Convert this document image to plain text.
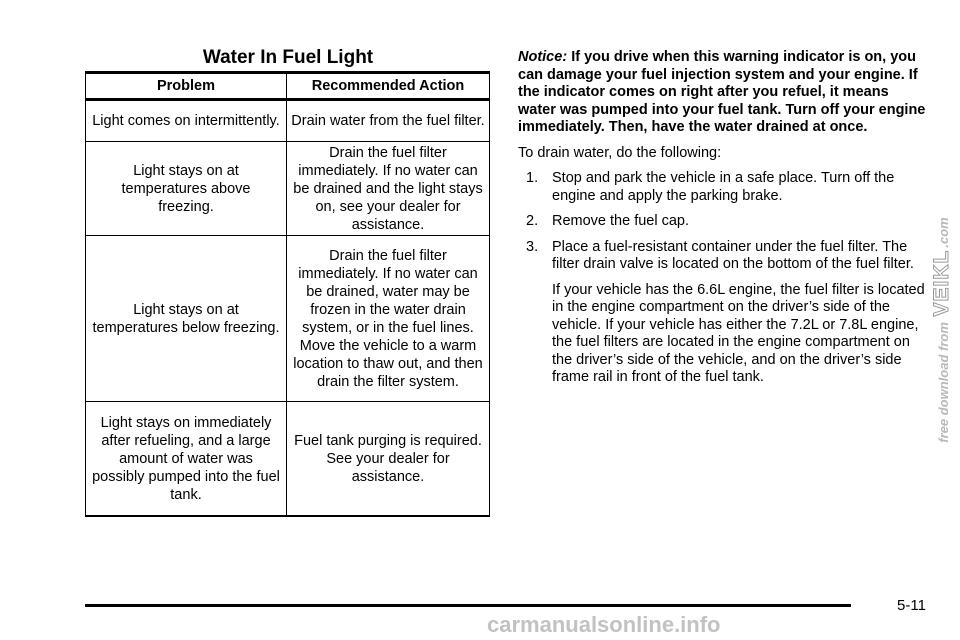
Water In Fuel Light
Problem	Recommended Action
Light comes on intermittently.	Drain water from the fuel filter.
Light stays on at temperatures above freezing.	Drain the fuel filter immediately. If no water can be drained and the light stays on, see your dealer for assistance.
Light stays on at temperatures below freezing.	Drain the fuel filter immediately. If no water can be drained, water may be frozen in the water drain system, or in the fuel lines. Move the vehicle to a warm location to thaw out, and then drain the filter system.
Light stays on immediately after refueling, and a large amount of water was possibly pumped into the fuel tank.	Fuel tank purging is required. See your dealer for assistance.

Notice: If you drive when this warning indicator is on, you can damage your fuel injection system and your engine. If the indicator comes on right after you refuel, it means water was pumped into your fuel tank. Turn off your engine immediately. Then, have the water drained at once.

To drain water, do the following:

1. Stop and park the vehicle in a safe place. Turn off the engine and apply the parking brake.

2. Remove the fuel cap.

3. Place a fuel-resistant container under the fuel filter. The filter drain valve is located on the bottom of the fuel filter.

If your vehicle has the 6.6L engine, the fuel filter is located in the engine compartment on the driver’s side of the vehicle. If your vehicle has either the 7.2L or 7.8L engine, the fuel filters are located in the engine compartment on the driver’s side of the vehicle, and on the driver’s side frame rail in front of the fuel tank.	free download from VEIKL.com
5-11
carmanualsonline.info
